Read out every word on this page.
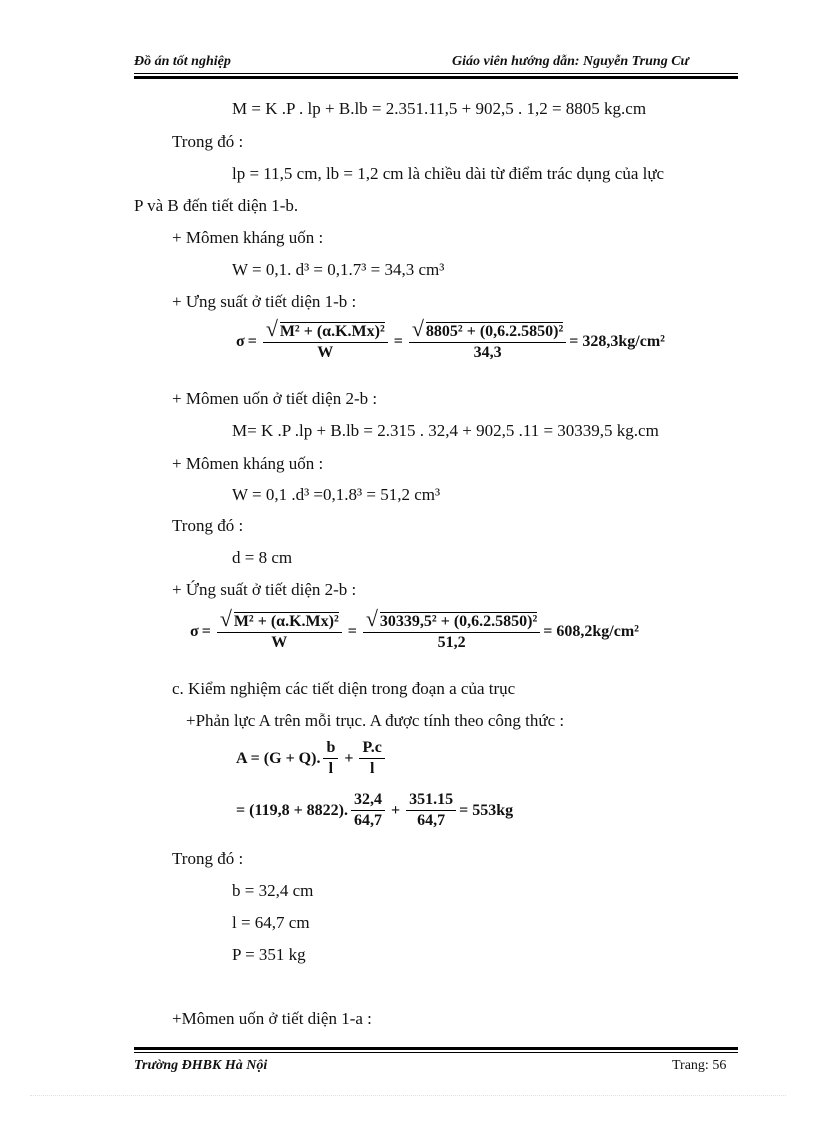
Đồ án tốt nghiệp	Giáo viên hướng dẫn: Nguyễn Trung Cư
M = K .P . lp + B.lb = 2.351.11,5 + 902,5 . 1,2 = 8805 kg.cm
Trong đó :
lp = 11,5 cm, lb = 1,2 cm là chiều dài từ điểm trác dụng của lực
P và B đến tiết diện 1-b.
+ Mômen kháng uốn :
W = 0,1. d³ = 0,1.7³ = 34,3 cm³
+ Ưng suất ở tiết diện 1-b :
$\sigma = \frac{\text{√ M² + (α.K.Mx)²}}{W} = \frac{\text{√ 8805² + (0,6.2.5850)²}}{34,3} = 328,3kg/cm^2$
+ Mômen uốn ở tiết diện 2-b :
M= K .P .lp + B.lb = 2.315 . 32,4 + 902,5 .11 = 30339,5 kg.cm
+ Mômen kháng uốn :
W = 0,1 .d³ =0,1.8³ = 51,2 cm³
Trong đó :
d = 8 cm
+ Ứng suất ở tiết diện 2-b :
$\sigma = \frac{\text{√ M² + (α.K.Mx)²}}{W} = \frac{\text{√ 30339,5² + (0,6.2.5850)²}}{51,2} = 608,2kg/cm^2$
c. Kiểm nghiệm các tiết diện trong đoạn a của trục
+Phản lực A trên mỗi trục. A được tính theo công thức :
A = (G + Q). $\frac{b}{l} + \frac{P.c}{l}$
= (119,8 + 8822). $\frac{32,4}{64,7} + \frac{351.15}{64,7} = 553kg$
Trong đó :
b = 32,4 cm
l = 64,7 cm
P = 351 kg
+Mômen uốn ở tiết diện 1-a :
Trường ĐHBK Hà Nội	Trang: 56
